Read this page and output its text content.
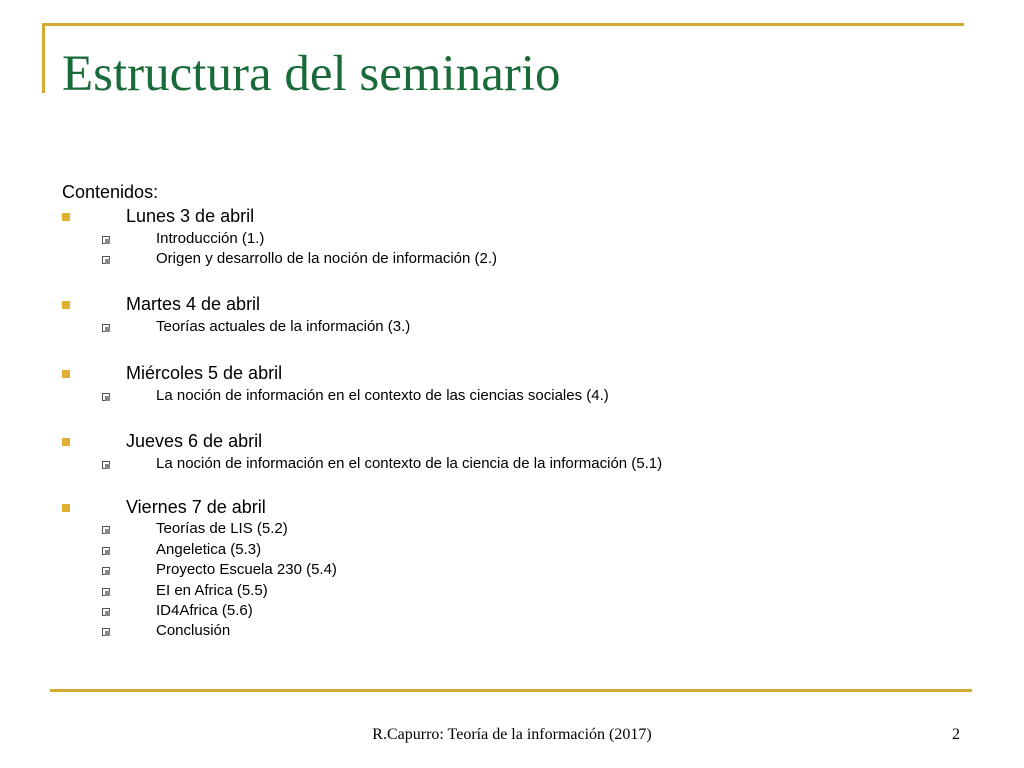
Estructura del seminario
Contenidos:
Lunes 3 de abril
Introducción (1.)
Origen y desarrollo de la noción de información (2.)
Martes 4 de abril
Teorías actuales de la información (3.)
Miércoles 5 de abril
La noción de información en el contexto de las ciencias sociales (4.)
Jueves 6 de abril
La noción de información en el contexto de la ciencia de la información (5.1)
Viernes 7 de abril
Teorías de LIS (5.2)
Angeletica (5.3)
Proyecto Escuela 230 (5.4)
EI en Africa (5.5)
ID4Africa (5.6)
Conclusión
R.Capurro: Teoría de la información (2017)	2
